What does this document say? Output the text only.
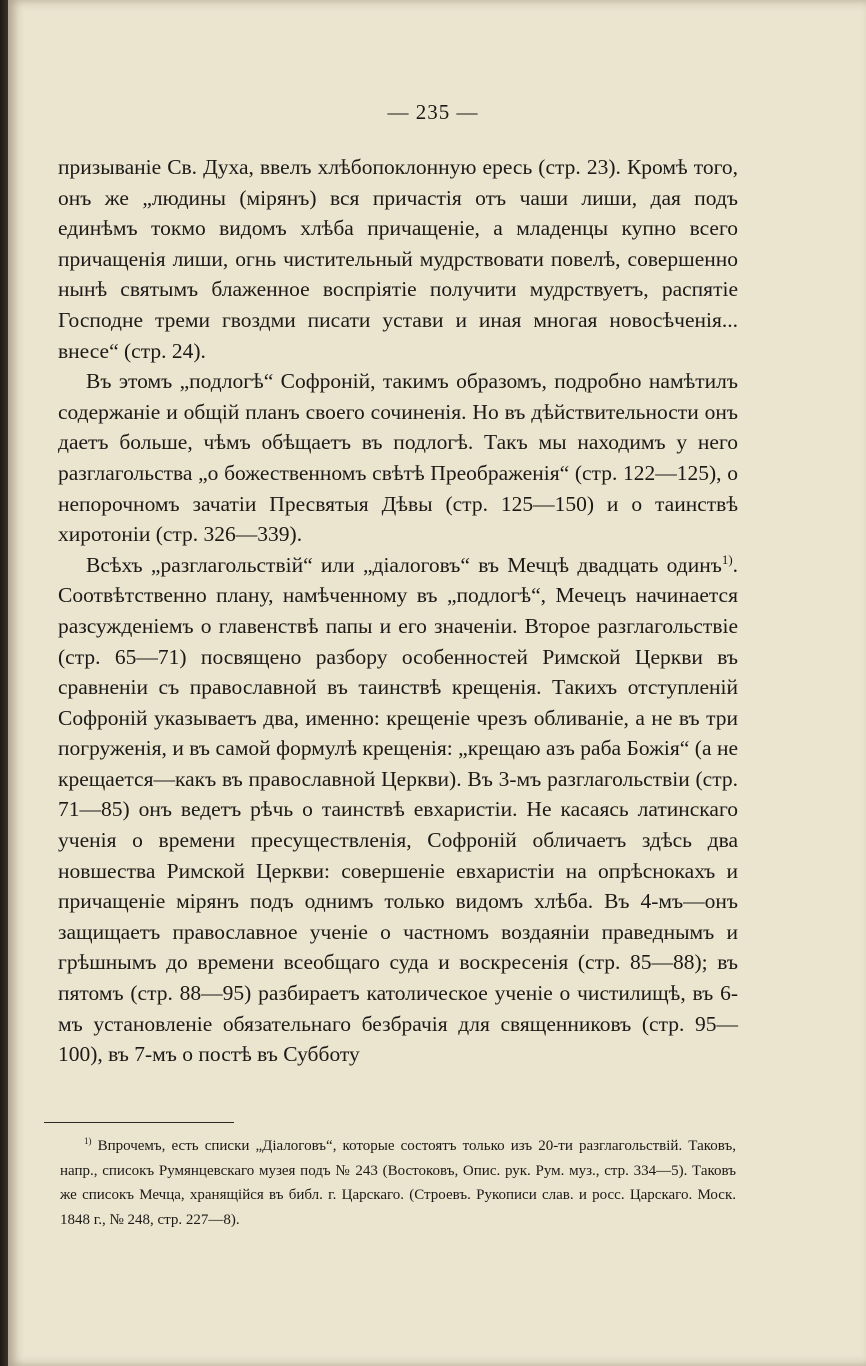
— 235 —

призываніе Св. Духа, ввелъ хлѣбопоклонную ересь (стр. 23). Кромѣ того, онъ же „людины (мірянъ) вся причастія отъ чаши лиши, дая подъ единѣмъ токмо видомъ хлѣба причащеніе, а младенцы купно всего причащенія лиши, огнь чистительный мудрствовати повелѣ, совершенно нынѣ святымъ блаженное воспріятіе получити мудрствуетъ, распятіе Господне треми гвоздми писати устави и иная многая новосѣченія... внесе“ (стр. 24).

Въ этомъ „подлогѣ“ Софроній, такимъ образомъ, подробно намѣтилъ содержаніе и общій планъ своего сочиненія. Но въ дѣйствительности онъ даетъ больше, чѣмъ обѣщаетъ въ подлогѣ. Такъ мы находимъ у него разглагольства „о божественномъ свѣтѣ Преображенія“ (стр. 122—125), о непорочномъ зачатіи Пресвятыя Дѣвы (стр. 125—150) и о таинствѣ хиротоніи (стр. 326—339).

Всѣхъ „разглагольствій“ или „діалоговъ“ въ Мечцѣ двадцать одинъ$^{1)}$. Соотвѣтственно плану, намѣченному въ „подлогѣ“, Мечецъ начинается разсужденіемъ о главенствѣ папы и его значеніи. Второе разглагольствіе (стр. 65—71) посвящено разбору особенностей Римской Церкви въ сравненіи съ православной въ таинствѣ крещенія. Такихъ отступленій Софроній указываетъ два, именно: крещеніе чрезъ обливаніе, а не въ три погруженія, и въ самой формулѣ крещенія: „крещаю азъ раба Божія“ (а не крещается—какъ въ православной Церкви). Въ 3-мъ разглагольствіи (стр. 71—85) онъ ведетъ рѣчь о таинствѣ евхаристіи. Не касаясь латинскаго ученія о времени пресуществленія, Софроній обличаетъ здѣсь два новшества Римской Церкви: совершеніе евхаристіи на опрѣснокахъ и причащеніе мірянъ подъ однимъ только видомъ хлѣба. Въ 4-мъ—онъ защищаетъ православное ученіе о частномъ воздаяніи праведнымъ и грѣшнымъ до времени всеобщаго суда и воскресенія (стр. 85—88); въ пятомъ (стр. 88—95) разбираетъ католическое ученіе о чистилищѣ, въ 6-мъ установленіе обязательнаго безбрачія для священниковъ (стр. 95—100), въ 7-мъ о постѣ въ Субботу

$^{1)}$ Впрочемъ, есть списки „Діалоговъ“, которые состоятъ только изъ 20-ти разглагольствій. Таковъ, напр., списокъ Румянцевскаго музея подъ № 243 (Востоковъ, Опис. рук. Рум. муз., стр. 334—5). Таковъ же списокъ Мечца, хранящійся въ библ. г. Царскаго. (Строевъ. Рукописи слав. и росс. Царскаго. Моск. 1848 г., № 248, стр. 227—8).
